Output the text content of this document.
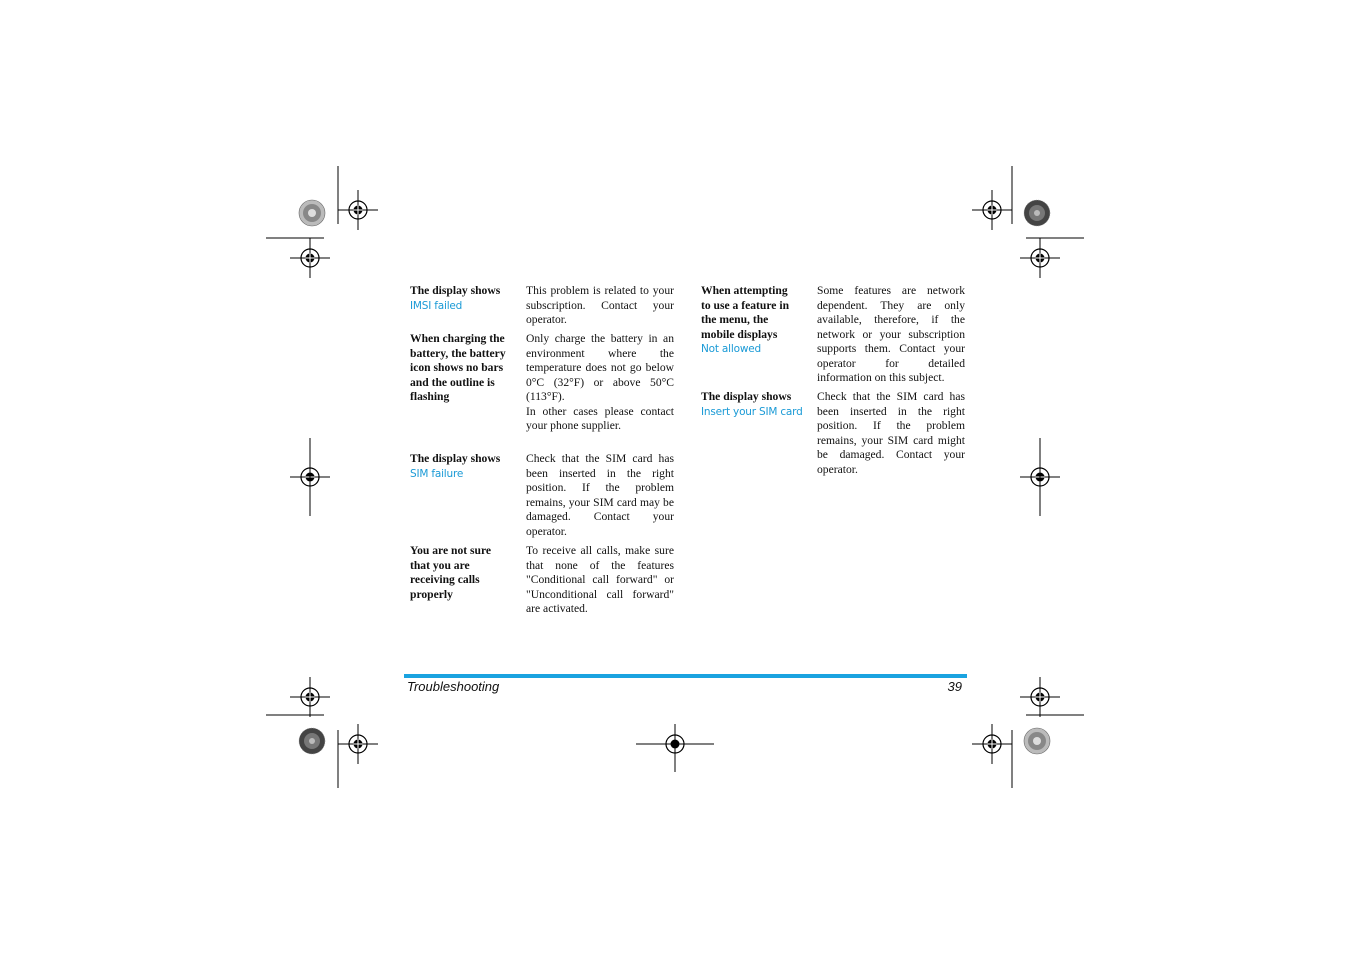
The display shows
IMSI failed

This problem is related to your subscription. Contact your operator.

When charging the battery, the battery icon shows no bars and the outline is flashing

Only charge the battery in an environment where the temperature does not go below 0°C (32°F) or above 50°C (113°F).

In other cases please contact your phone supplier.

The display shows
SIM failure

Check that the SIM card has been inserted in the right position. If the problem remains, your SIM card may be damaged. Contact your operator.

You are not sure that you are receiving calls properly

To receive all calls, make sure that none of the features "Conditional call forward" or "Unconditional call forward" are activated.

When attempting to use a feature in the menu, the mobile displays
Not allowed

Some features are network dependent. They are only available, therefore, if the network or your subscription supports them. Contact your operator for detailed information on this subject.

The display shows
Insert your SIM card

Check that the SIM card has been inserted in the right position. If the problem remains, your SIM card might be damaged. Contact your operator.

Troubleshooting	39
